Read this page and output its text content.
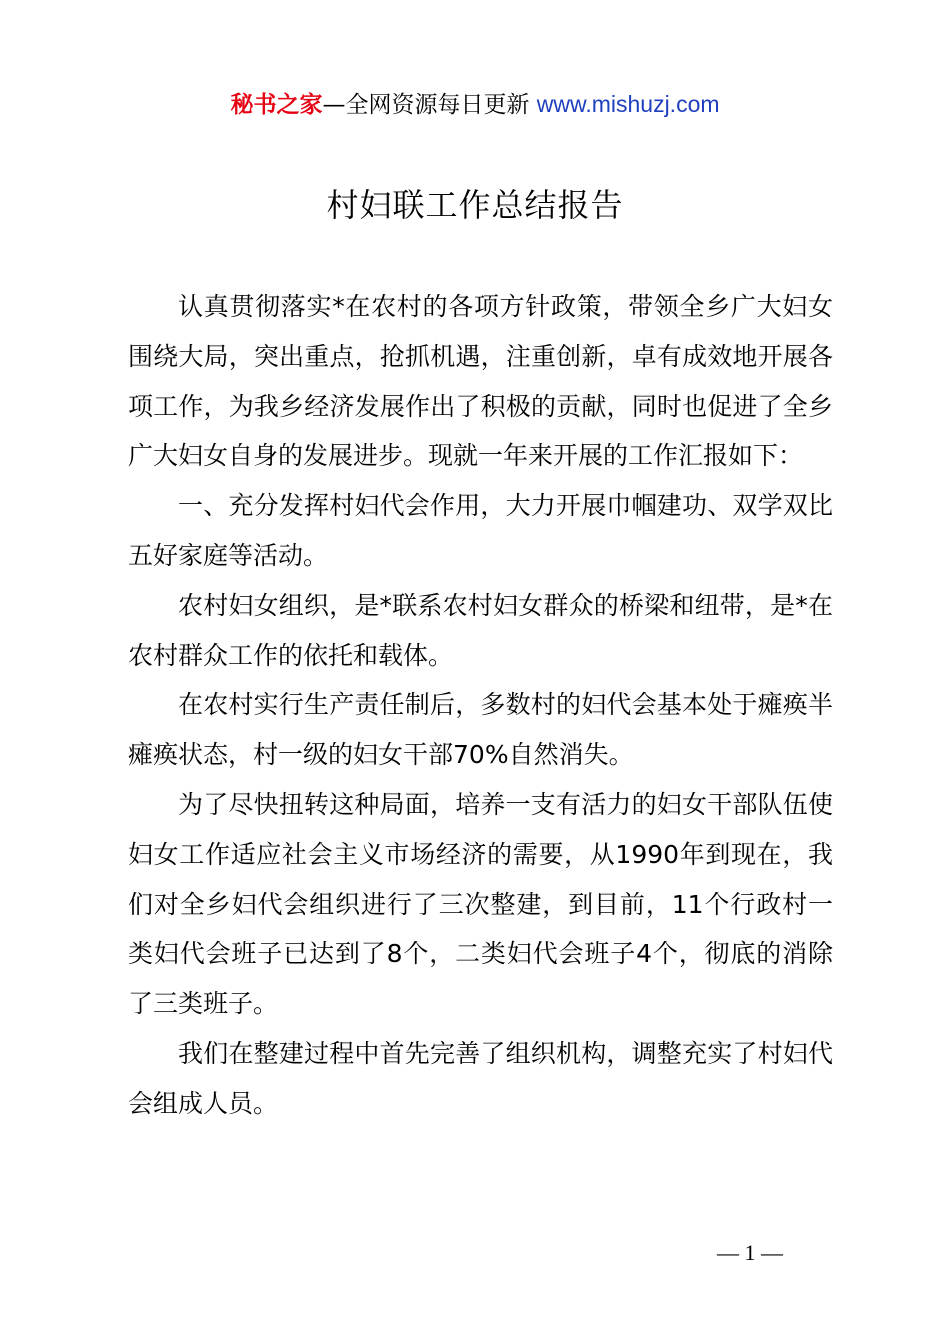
秘书之家—全网资源每日更新 www.mishuzj.com
村妇联工作总结报告

认真贯彻落实*在农村的各项方针政策，带领全乡广大妇女围绕大局，突出重点，抢抓机遇，注重创新，卓有成效地开展各项工作，为我乡经济发展作出了积极的贡献，同时也促进了全乡广大妇女自身的发展进步。现就一年来开展的工作汇报如下：

一、充分发挥村妇代会作用，大力开展巾帼建功、双学双比五好家庭等活动。

农村妇女组织，是*联系农村妇女群众的桥梁和纽带，是*在农村群众工作的依托和载体。

在农村实行生产责任制后，多数村的妇代会基本处于瘫痪半瘫痪状态，村一级的妇女干部70%自然消失。

为了尽快扭转这种局面，培养一支有活力的妇女干部队伍使妇女工作适应社会主义市场经济的需要，从1990年到现在，我们对全乡妇代会组织进行了三次整建，到目前，11个行政村一类妇代会班子已达到了8个，二类妇代会班子4个，彻底的消除了三类班子。

我们在整建过程中首先完善了组织机构，调整充实了村妇代会组成人员。

— 1 —
